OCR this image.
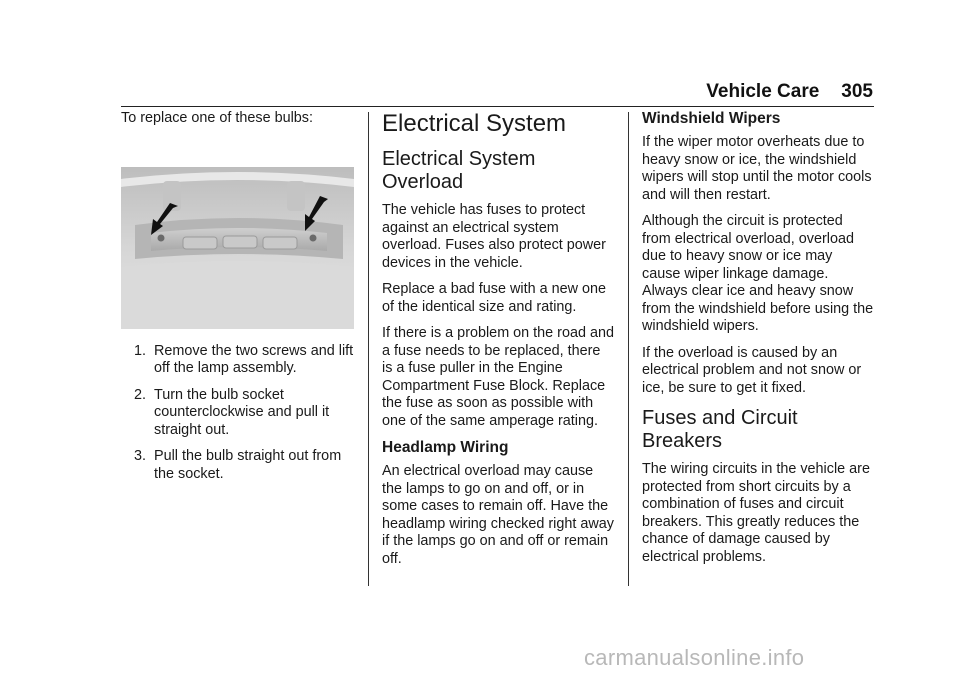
Vehicle Care 305

To replace one of these bulbs:

1. Remove the two screws and lift off the lamp assembly.
2. Turn the bulb socket counterclockwise and pull it straight out.
3. Pull the bulb straight out from the socket.
Electrical System
Electrical System Overload

The vehicle has fuses to protect against an electrical system overload. Fuses also protect power devices in the vehicle.

Replace a bad fuse with a new one of the identical size and rating.

If there is a problem on the road and a fuse needs to be replaced, there is a fuse puller in the Engine Compartment Fuse Block. Replace the fuse as soon as possible with one of the same amperage rating.

Headlamp Wiring

An electrical overload may cause the lamps to go on and off, or in some cases to remain off. Have the headlamp wiring checked right away if the lamps go on and off or remain off.

Windshield Wipers

If the wiper motor overheats due to heavy snow or ice, the windshield wipers will stop until the motor cools and will then restart.

Although the circuit is protected from electrical overload, overload due to heavy snow or ice may cause wiper linkage damage. Always clear ice and heavy snow from the windshield before using the windshield wipers.

If the overload is caused by an electrical problem and not snow or ice, be sure to get it fixed.

Fuses and Circuit Breakers

The wiring circuits in the vehicle are protected from short circuits by a combination of fuses and circuit breakers. This greatly reduces the chance of damage caused by electrical problems.

carmanualsonline.info
